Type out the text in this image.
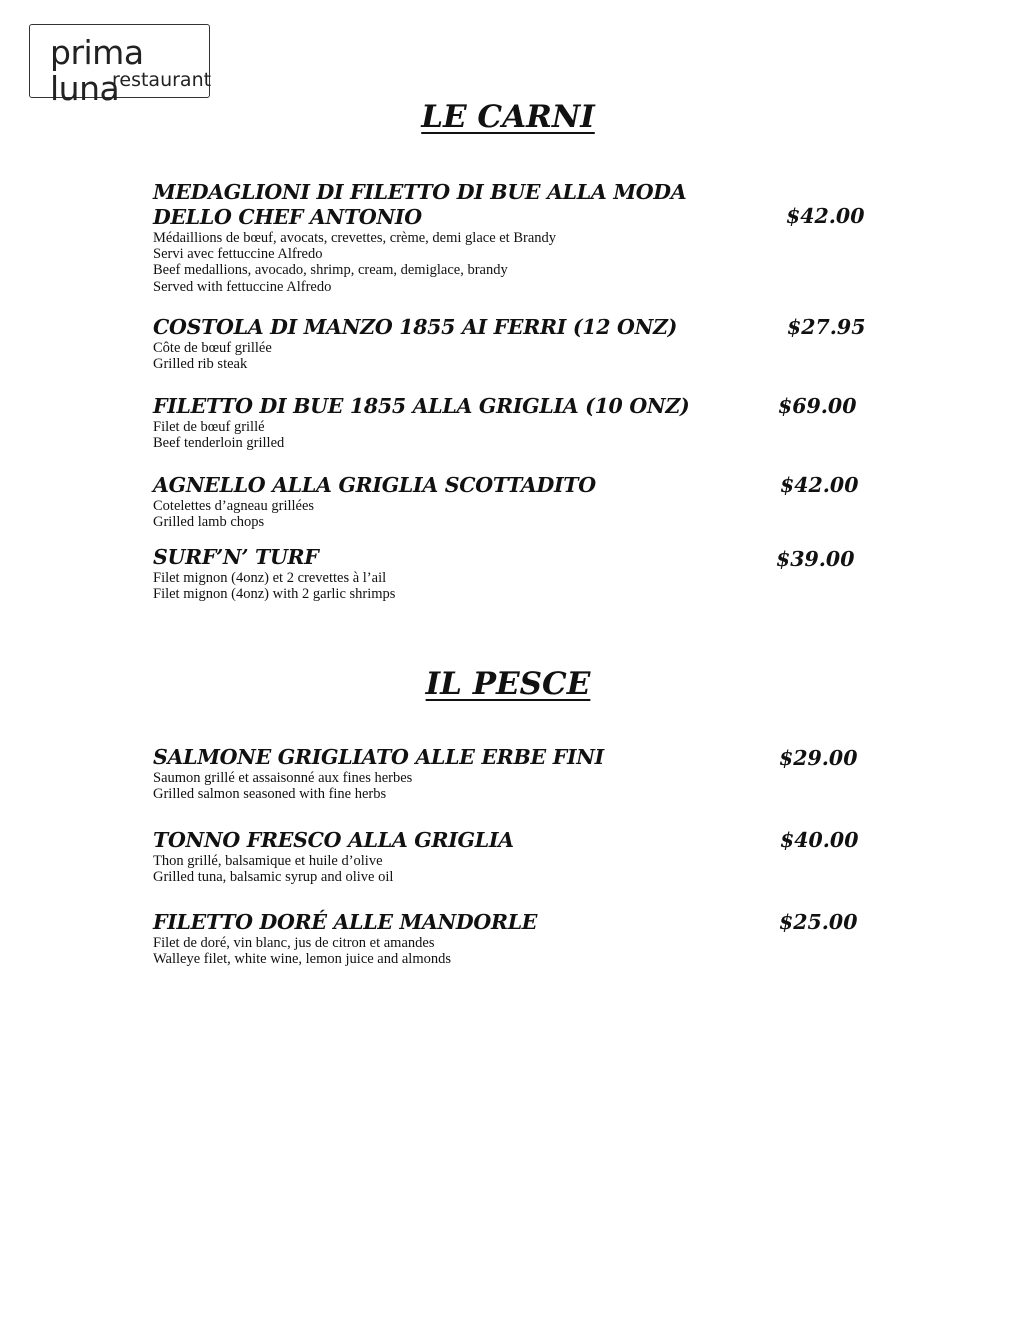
prima luna
restaurant
LE CARNI
MEDAGLIONI DI FILETTO DI BUE ALLA MODA DELLO CHEF ANTONIO	$42.00
Médaillions de bœuf, avocats, crevettes, crème, demi glace et Brandy
Servi avec fettuccine Alfredo
Beef medallions, avocado, shrimp, cream, demiglace, brandy
Served with fettuccine Alfredo
COSTOLA DI MANZO 1855 AI FERRI (12 ONZ)	$27.95
Côte de bœuf grillée
Grilled rib steak
FILETTO DI BUE 1855 ALLA GRIGLIA (10 ONZ)	$69.00
Filet de bœuf grillé
Beef tenderloin grilled
AGNELLO ALLA GRIGLIA SCOTTADITO	$42.00
Cotelettes d’agneau grillées
Grilled lamb chops
SURF’N’ TURF	$39.00
Filet mignon (4onz) et 2 crevettes à l’ail
Filet mignon (4onz) with 2 garlic shrimps
IL PESCE
SALMONE GRIGLIATO ALLE ERBE FINI	$29.00
Saumon grillé et assaisonné aux fines herbes
Grilled salmon seasoned with fine herbs
TONNO FRESCO ALLA GRIGLIA	$40.00
Thon grillé, balsamique et huile d’olive
Grilled tuna, balsamic syrup and olive oil
FILETTO DORÉ ALLE MANDORLE	$25.00
Filet de doré, vin blanc, jus de citron et amandes
Walleye filet, white wine, lemon juice and almonds
